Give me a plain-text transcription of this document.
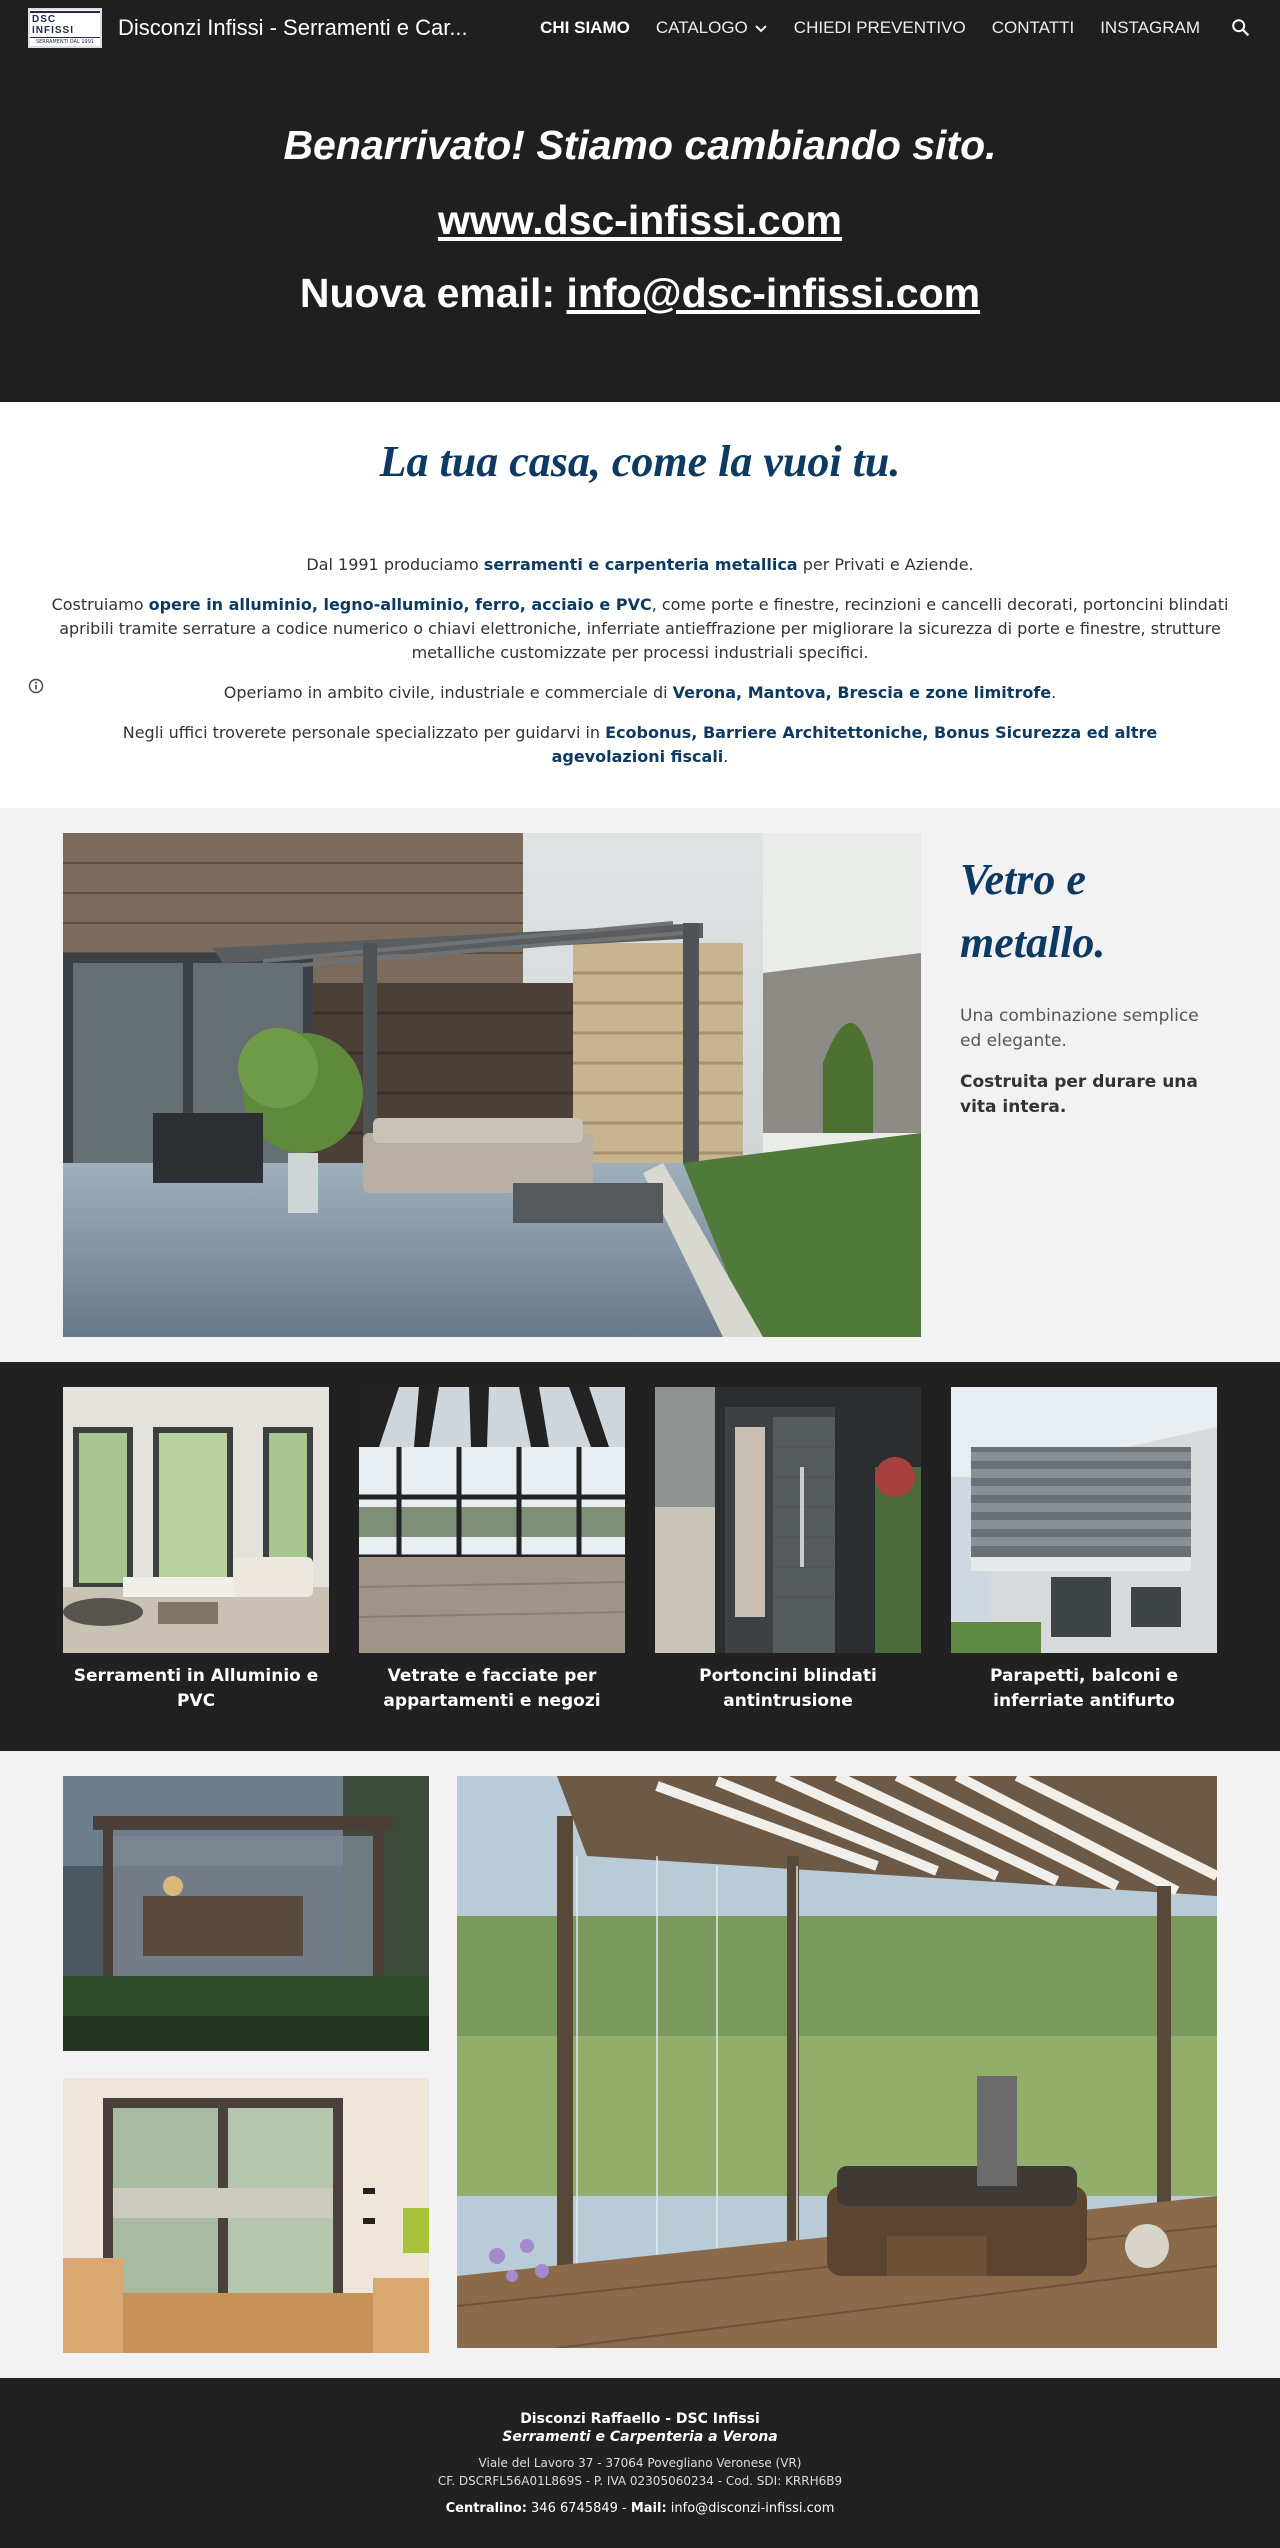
DSC INFISSI
SERRAMENTI DAL 1991
Disconzi Infissi - Serramenti e Car...	CHI SIAMO CATALOGO	CHIEDI PREVENTIVO CONTATTI INSTAGRAM
Benarrivato! Stiamo cambiando sito.
www.dsc-infissi.com
Nuova email: info@dsc-infissi.com
La tua casa, come la vuoi tu.

Dal 1991 produciamo serramenti e carpenteria metallica per Privati e Aziende.

Costruiamo opere in alluminio, legno-alluminio, ferro, acciaio e PVC, come porte e finestre, recinzioni e cancelli decorati, portoncini blindati apribili tramite serrature a codice numerico o chiavi elettroniche, inferriate antieffrazione per migliorare la sicurezza di porte e finestre, strutture metalliche customizzate per processi industriali specifici.

Operiamo in ambito civile, industriale e commerciale di Verona, Mantova, Brescia e zone limitrofe.

Negli uffici troverete personale specializzato per guidarvi in Ecobonus, Barriere Architettoniche, Bonus Sicurezza ed altre agevolazioni fiscali.

Vetro e metallo.

Una combinazione semplice ed elegante.

Costruita per durare una vita intera.

Serramenti in Alluminio e PVC
Vetrate e facciate per appartamenti e negozi
Portoncini blindati antintrusione
Parapetti, balconi e inferriate antifurto
Disconzi Raffaello - DSC Infissi
Serramenti e Carpenteria a Verona
Viale del Lavoro 37 - 37064 Povegliano Veronese (VR)
CF. DSCRFL56A01L869S - P. IVA 02305060234 - Cod. SDI: KRRH6B9
Centralino: 346 6745849 - Mail: info@disconzi-infissi.com
